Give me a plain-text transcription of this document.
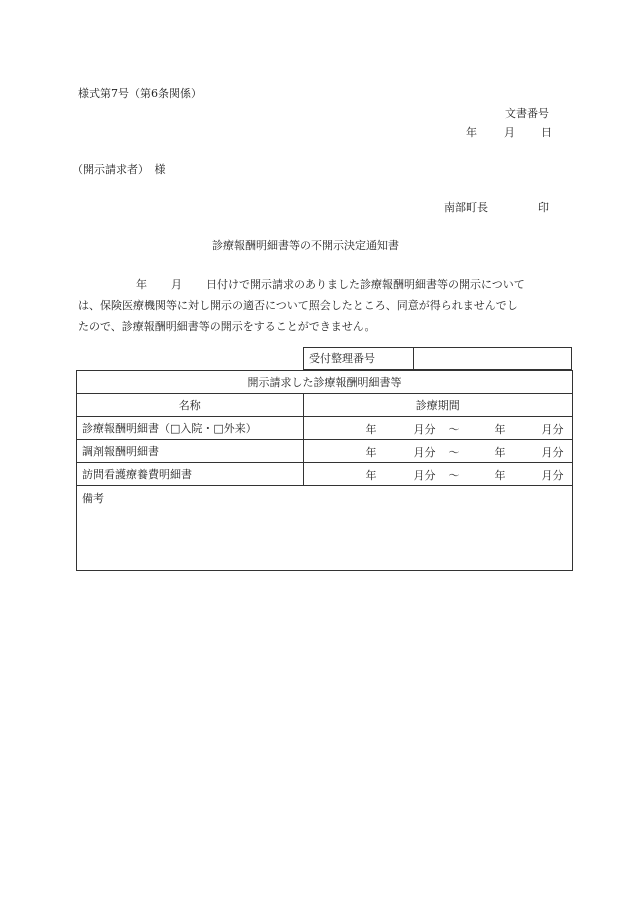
様式第7号（第6条関係）
文書番号
年 月 日
（開示請求者）　様
南部町長	印
診療報酬明細書等の不開示決定通知書
年 月 日付けで開示請求のありました診療報酬明細書等の開示について
は、保険医療機関等に対し開示の適否について照会したところ、同意が得られませんでし
たので、診療報酬明細書等の開示をすることができません。
受付整理番号
開示請求した診療報酬明細書等	
名称	診療期間
診療報酬明細書（□入院・□外来）	年 月分 ～ 年 月分

調剤報酬明細書	年 月分 ～ 年 月分

訪問看護療養費明細書	年 月分 ～ 年 月分

備考	
